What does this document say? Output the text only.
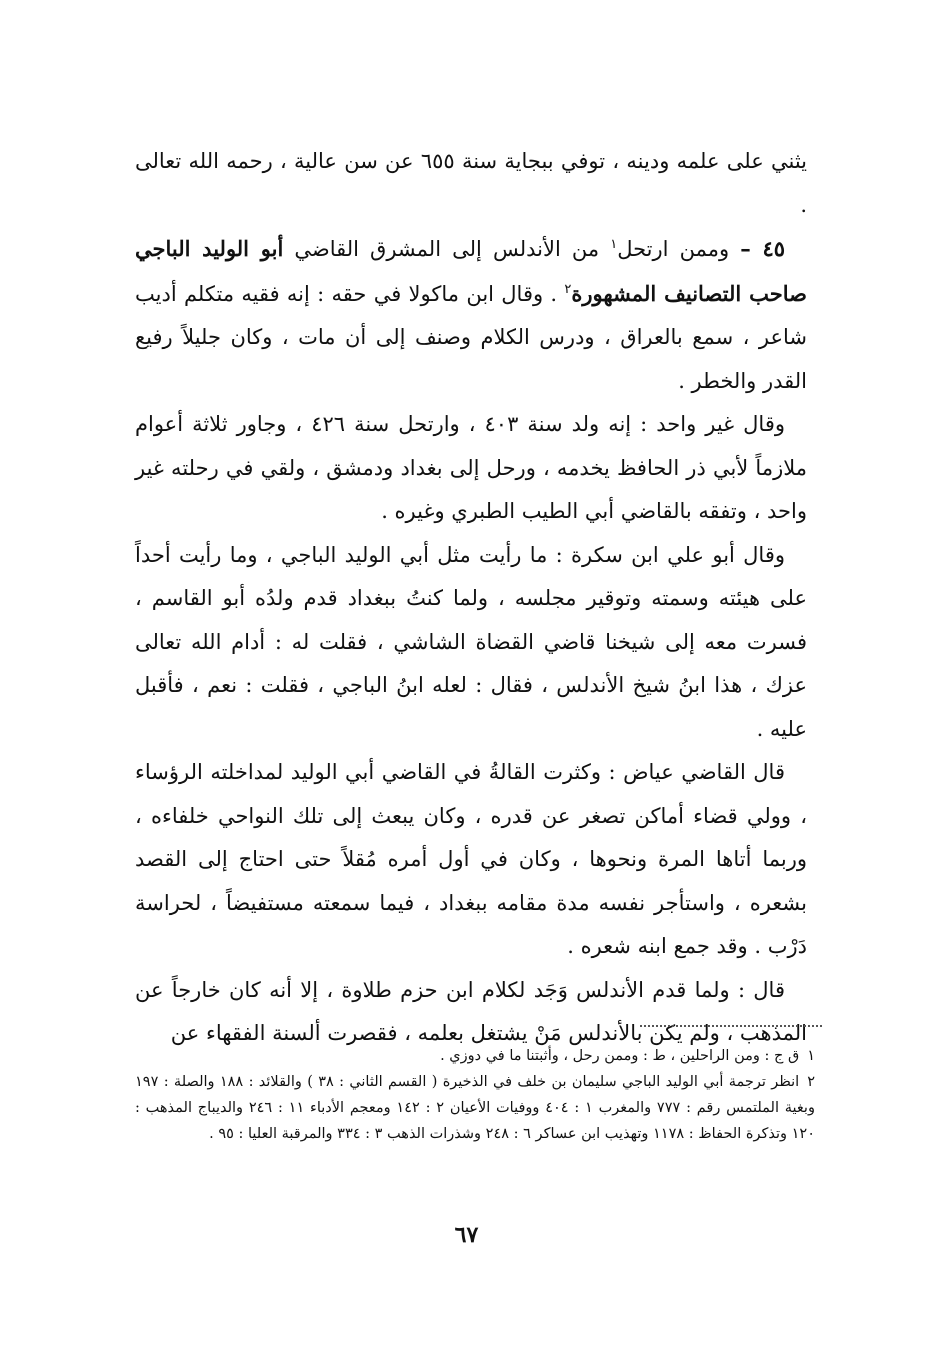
يثني على علمه ودينه ، توفي ببجاية سنة ٦٥٥ عن سن عالية ، رحمه الله تعالى .

٤٥ – وممن ارتحل$^١$ من الأندلس إلى المشرق القاضي أبو الوليد الباجي صاحب التصانيف المشهورة$^٢$ . وقال ابن ماكولا في حقه : إنه فقيه متكلم أديب شاعر ، سمع بالعراق ، ودرس الكلام وصنف إلى أن مات ، وكان جليلاً رفيع القدر والخطر .

وقال غير واحد : إنه ولد سنة ٤٠٣ ، وارتحل سنة ٤٢٦ ، وجاور ثلاثة أعوام ملازماً لأبي ذر الحافظ يخدمه ، ورحل إلى بغداد ودمشق ، ولقي في رحلته غير واحد ، وتفقه بالقاضي أبي الطيب الطبري وغيره .

وقال أبو علي ابن سكرة : ما رأيت مثل أبي الوليد الباجي ، وما رأيت أحداً على هيئته وسمته وتوقير مجلسه ، ولما كنتُ ببغداد قدم ولدُه أبو القاسم ، فسرت معه إلى شيخنا قاضي القضاة الشاشي ، فقلت له : أدام الله تعالى عزك ، هذا ابنُ شيخ الأندلس ، فقال : لعله ابنُ الباجي ، فقلت : نعم ، فأقبل عليه .

قال القاضي عياض : وكثرت القالةُ في القاضي أبي الوليد لمداخلته الرؤساء ، وولي قضاء أماكن تصغر عن قدره ، وكان يبعث إلى تلك النواحي خلفاءه ، وربما أتاها المرة ونحوها ، وكان في أول أمره مُقلاً حتى احتاج إلى القصد بشعره ، واستأجر نفسه مدة مقامه ببغداد ، فيما سمعته مستفيضاً ، لحراسة دَرْب . وقد جمع ابنه شعره .

قال : ولما قدم الأندلس وَجَد لكلام ابن حزم طلاوة ، إلا أنه كان خارجاً عن المذهب ، ولم يكن بالأندلس مَنْ يشتغل بعلمه ، فقصرت ألسنة الفقهاء عن

١ق ج : ومن الراحلين ، ط : وممن رحل ، وأثبتنا ما في دوزي .

٢انظر ترجمة أبي الوليد الباجي سليمان بن خلف في الذخيرة ( القسم الثاني : ٣٨ ) والقلائد : ١٨٨ والصلة : ١٩٧ وبغية الملتمس رقم : ٧٧٧ والمغرب ١ : ٤٠٤ ووفيات الأعيان ٢ : ١٤٢ ومعجم الأدباء ١١ : ٢٤٦ والديباج المذهب : ١٢٠ وتذكرة الحفاظ : ١١٧٨ وتهذيب ابن عساكر ٦ : ٢٤٨ وشذرات الذهب ٣ : ٣٣٤ والمرقبة العليا : ٩٥ .

٦٧
